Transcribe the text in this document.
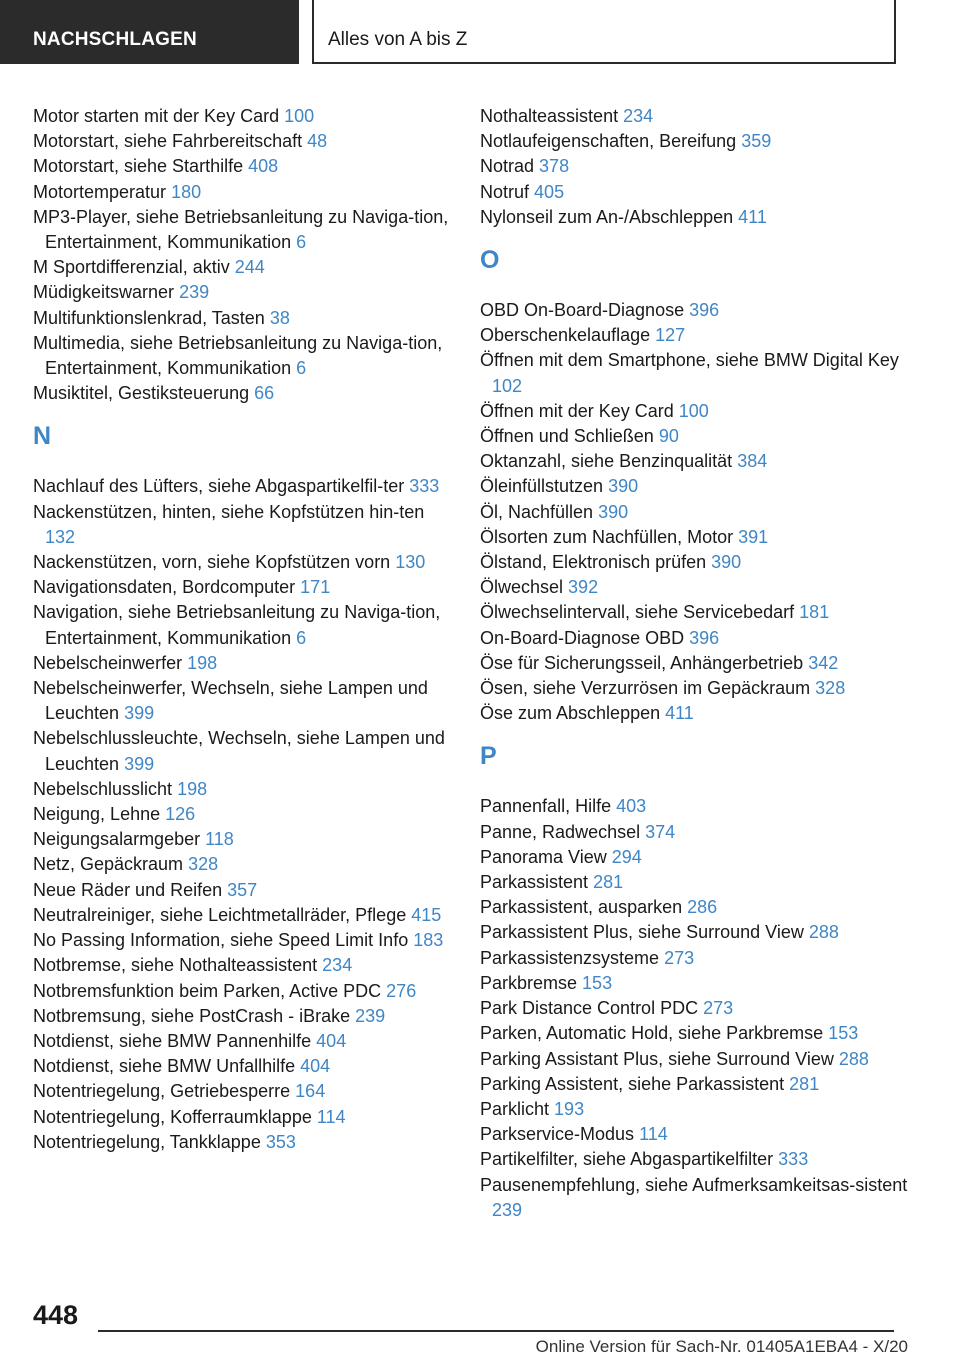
NACHSCHLAGEN	Alles von A bis Z
Motor starten mit der Key Card 100
Motorstart, siehe Fahrbereitschaft 48
Motorstart, siehe Starthilfe 408
Motortemperatur 180
MP3-Player, siehe Betriebsanleitung zu Naviga-tion, Entertainment, Kommunikation 6
M Sportdifferenzial, aktiv 244
Müdigkeitswarner 239
Multifunktionslenkrad, Tasten 38
Multimedia, siehe Betriebsanleitung zu Naviga-tion, Entertainment, Kommunikation 6
Musiktitel, Gestiksteuerung 66
N
Nachlauf des Lüfters, siehe Abgaspartikelfil-ter 333
Nackenstützen, hinten, siehe Kopfstützen hin-ten 132
Nackenstützen, vorn, siehe Kopfstützen vorn 130
Navigationsdaten, Bordcomputer 171
Navigation, siehe Betriebsanleitung zu Naviga-tion, Entertainment, Kommunikation 6
Nebelscheinwerfer 198
Nebelscheinwerfer, Wechseln, siehe Lampen und Leuchten 399
Nebelschlussleuchte, Wechseln, siehe Lampen und Leuchten 399
Nebelschlusslicht 198
Neigung, Lehne 126
Neigungsalarmgeber 118
Netz, Gepäckraum 328
Neue Räder und Reifen 357
Neutralreiniger, siehe Leichtmetallräder, Pflege 415
No Passing Information, siehe Speed Limit Info 183
Notbremse, siehe Nothalteassistent 234
Notbremsfunktion beim Parken, Active PDC 276
Notbremsung, siehe PostCrash - iBrake 239
Notdienst, siehe BMW Pannenhilfe 404
Notdienst, siehe BMW Unfallhilfe 404
Notentriegelung, Getriebesperre 164
Notentriegelung, Kofferraumklappe 114
Notentriegelung, Tankklappe 353
Nothalteassistent 234
Notlaufeigenschaften, Bereifung 359
Notrad 378
Notruf 405
Nylonseil zum An-/Abschleppen 411
O
OBD On-Board-Diagnose 396
Oberschenkelauflage 127
Öffnen mit dem Smartphone, siehe BMW Digital Key 102
Öffnen mit der Key Card 100
Öffnen und Schließen 90
Oktanzahl, siehe Benzinqualität 384
Öleinfüllstutzen 390
Öl, Nachfüllen 390
Ölsorten zum Nachfüllen, Motor 391
Ölstand, Elektronisch prüfen 390
Ölwechsel 392
Ölwechselintervall, siehe Servicebedarf 181
On-Board-Diagnose OBD 396
Öse für Sicherungsseil, Anhängerbetrieb 342
Ösen, siehe Verzurrösen im Gepäckraum 328
Öse zum Abschleppen 411
P
Pannenfall, Hilfe 403
Panne, Radwechsel 374
Panorama View 294
Parkassistent 281
Parkassistent, ausparken 286
Parkassistent Plus, siehe Surround View 288
Parkassistenzsysteme 273
Parkbremse 153
Park Distance Control PDC 273
Parken, Automatic Hold, siehe Parkbremse 153
Parking Assistant Plus, siehe Surround View 288
Parking Assistent, siehe Parkassistent 281
Parklicht 193
Parkservice-Modus 114
Partikelfilter, siehe Abgaspartikelfilter 333
Pausenempfehlung, siehe Aufmerksamkeitsas-sistent 239
448
Online Version für Sach-Nr. 01405A1EBA4 - X/20
